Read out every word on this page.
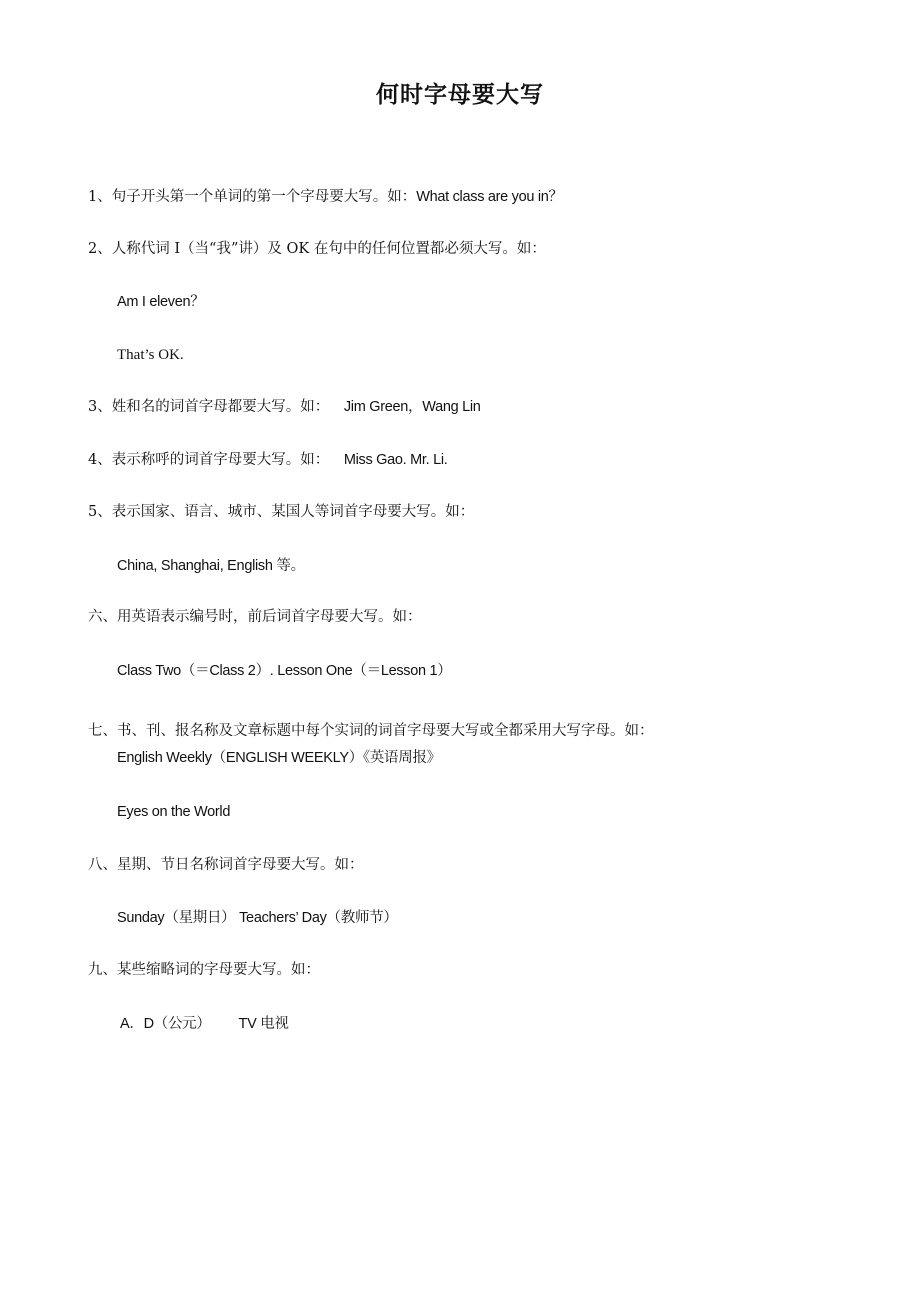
何时字母要大写
1、句子开头第一个单词的第一个字母要大写。如：What class are you in？
2、人称代词 I（当“我”讲）及 OK 在句中的任何位置都必须大写。如：
Am I eleven？
That’s OK.
3、姓和名的词首字母都要大写。如： Jim Green，Wang Lin
4、表示称呼的词首字母要大写。如： Miss Gao. Mr. Li.
5、表示国家、语言、城市、某国人等词首字母要大写。如：
China, Shanghai, English 等。
六、用英语表示编号时，前后词首字母要大写。如：
Class Two（＝Class 2）. Lesson One（＝Lesson 1）
七、书、刊、报名称及文章标题中每个实词的词首字母要大写或全都采用大写字母。如：
English Weekly（ENGLISH WEEKLY）《英语周报》
Eyes on the World
八、星期、节日名称词首字母要大写。如：
Sunday（星期日） Teachers’ Day（教师节）
九、某些缩略词的字母要大写。如：
A．D（公元） TV 电视
